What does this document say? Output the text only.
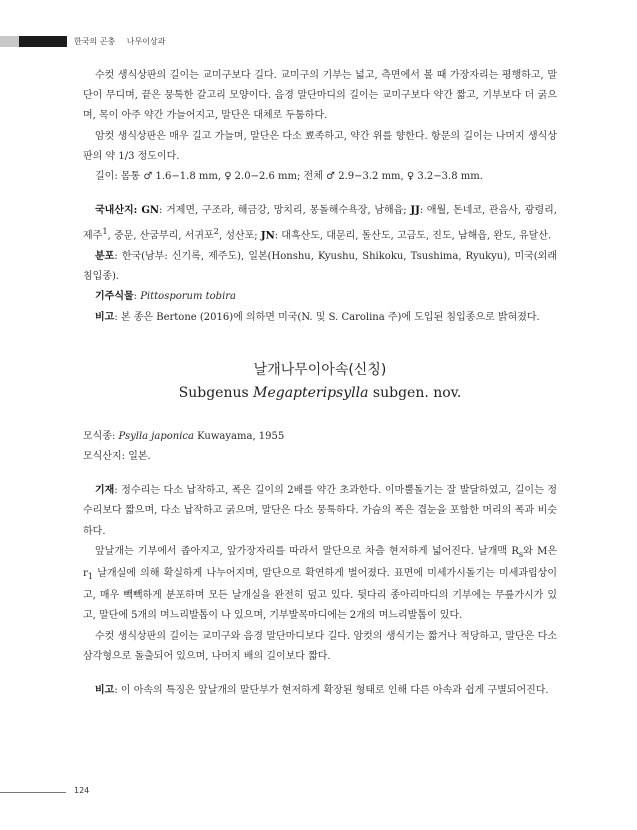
한국의 곤충 나무이상과

수컷 생식상판의 길이는 교미구보다 길다. 교미구의 기부는 넓고, 측면에서 볼 때 가장자리는 평행하고, 말단이 무디며, 끝은 뭉툭한 갈고리 모양이다. 음경 말단마디의 길이는 교미구보다 약간 짧고, 기부보다 더 굵으며, 목이 아주 약간 가늘어지고, 말단은 대체로 두툼하다.

암컷 생식상판은 매우 길고 가늘며, 말단은 다소 뾰족하고, 약간 위를 향한다. 항문의 길이는 나머지 생식상판의 약 1/3 정도이다.

길이: 몸통 ♂ 1.6−1.8 mm, ♀ 2.0−2.6 mm; 전체 ♂ 2.9−3.2 mm, ♀ 3.2−3.8 mm.

국내산지: GN: 거제면, 구조라, 해금강, 망치리, 몽돌해수욕장, 남해읍; JJ: 애월, 돈네코, 관음사, 광령리, 제주$^1$, 중문, 산굼부리, 서귀포$^2$, 성산포; JN: 대흑산도, 대문리, 돌산도, 고금도, 진도, 남해읍, 완도, 유달산.

분포: 한국(남부: 신기록, 제주도), 일본(Honshu, Kyushu, Shikoku, Tsushima, Ryukyu), 미국(외래침입종).

기주식물: Pittosporum tobira

비고: 본 종은 Bertone (2016)에 의하면 미국(N. 및 S. Carolina 주)에 도입된 침입종으로 밝혀졌다.

날개나무이아속(신칭)

Subgenus Megapteripsylla subgen. nov.

모식종: Psylla japonica Kuwayama, 1955

모식산지: 일본.

기재: 정수리는 다소 납작하고, 폭은 길이의 2배를 약간 초과한다. 이마뿔돌기는 잘 발달하였고, 길이는 정수리보다 짧으며, 다소 납작하고 굵으며, 말단은 다소 뭉툭하다. 가슴의 폭은 겹눈을 포함한 머리의 폭과 비슷하다.

앞날개는 기부에서 좁아지고, 앞가장자리를 따라서 말단으로 차츰 현저하게 넓어진다. 날개맥 $R_s$와 M은 $r_1$ 날개실에 의해 확실하게 나누어지며, 말단으로 확연하게 벌어졌다. 표면에 미세가시돌기는 미세과립상이고, 매우 빽빽하게 분포하며 모든 날개실을 완전히 덮고 있다. 뒷다리 종아리마디의 기부에는 무릎가시가 있고, 말단에 5개의 며느리발톱이 나 있으며, 기부발목마디에는 2개의 며느리발톱이 있다.

수컷 생식상판의 길이는 교미구와 음경 말단마디보다 길다. 암컷의 생식기는 짧거나 적당하고, 말단은 다소 삼각형으로 돌출되어 있으며, 나머지 배의 길이보다 짧다.

비고: 이 아속의 특징은 앞날개의 말단부가 현저하게 확장된 형태로 인해 다른 아속과 쉽게 구별되어진다.

124
